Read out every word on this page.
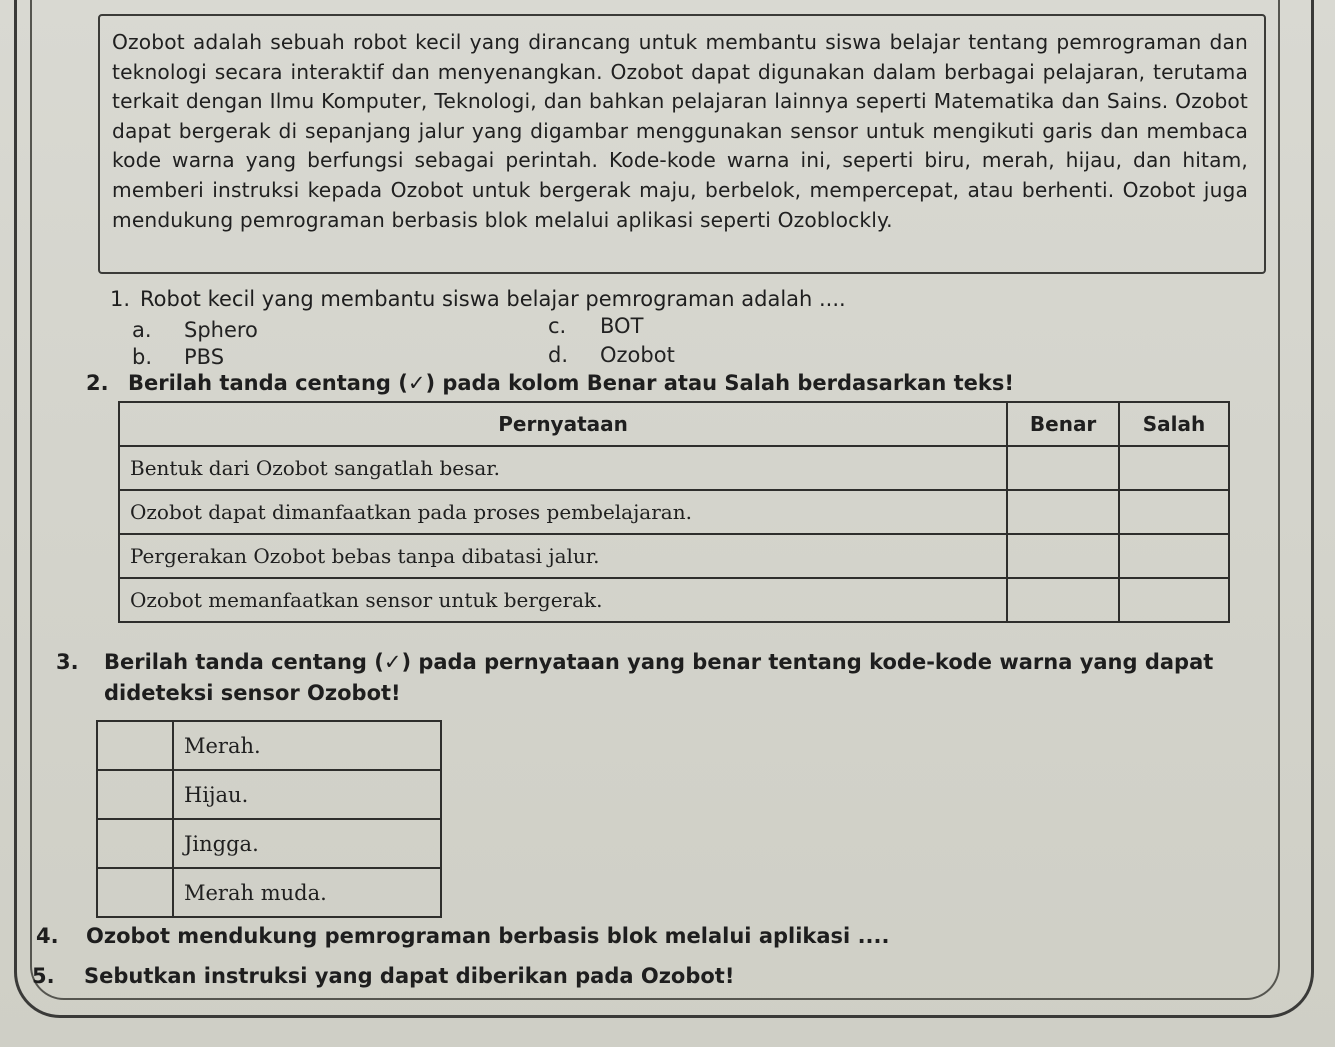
Ozobot adalah sebuah robot kecil yang dirancang untuk membantu siswa belajar tentang pemrograman dan teknologi secara interaktif dan menyenangkan. Ozobot dapat digunakan dalam berbagai pelajaran, terutama terkait dengan Ilmu Komputer, Teknologi, dan bahkan pelajaran lainnya seperti Matematika dan Sains. Ozobot dapat bergerak di sepanjang jalur yang digambar menggunakan sensor untuk mengikuti garis dan membaca kode warna yang berfungsi sebagai perintah. Kode-kode warna ini, seperti biru, merah, hijau, dan hitam, memberi instruksi kepada Ozobot untuk bergerak maju, berbelok, mempercepat, atau berhenti. Ozobot juga mendukung pemrograman berbasis blok melalui aplikasi seperti Ozoblockly.
1. Robot kecil yang membantu siswa belajar pemrograman adalah ....
a. Sphero
b. PBS
c. BOT
d. Ozobot
2. Berilah tanda centang (✓) pada kolom Benar atau Salah berdasarkan teks!
Pernyataan	Benar	Salah
Bentuk dari Ozobot sangatlah besar.		
Ozobot dapat dimanfaatkan pada proses pembelajaran.		
Pergerakan Ozobot bebas tanpa dibatasi jalur.		
Ozobot memanfaatkan sensor untuk bergerak.		
3. Berilah tanda centang (✓) pada pernyataan yang benar tentang kode-kode warna yang dapat
dideteksi sensor Ozobot!
	Merah.
	Hijau.
	Jingga.
	Merah muda.
4. Ozobot mendukung pemrograman berbasis blok melalui aplikasi ....
5. Sebutkan instruksi yang dapat diberikan pada Ozobot!
